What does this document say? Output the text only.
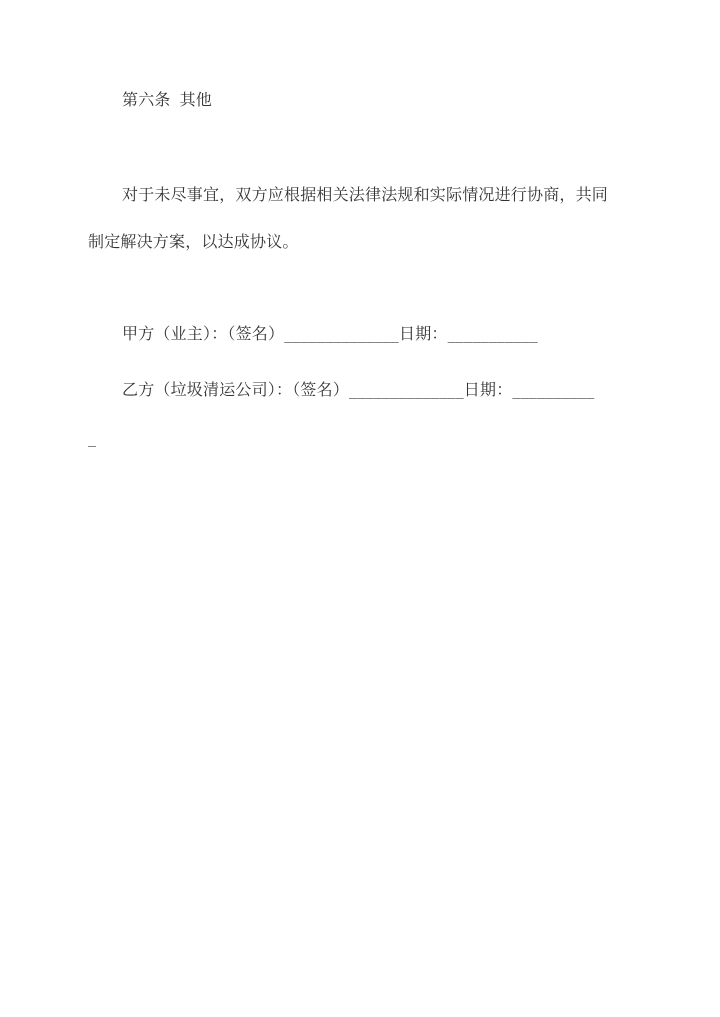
第六条 其他
对于未尽事宜，双方应根据相关法律法规和实际情况进行协商，共同
制定解决方案，以达成协议。
甲方（业主）：（签名）______________日期：___________
乙方（垃圾清运公司）：（签名）______________日期：__________
_
